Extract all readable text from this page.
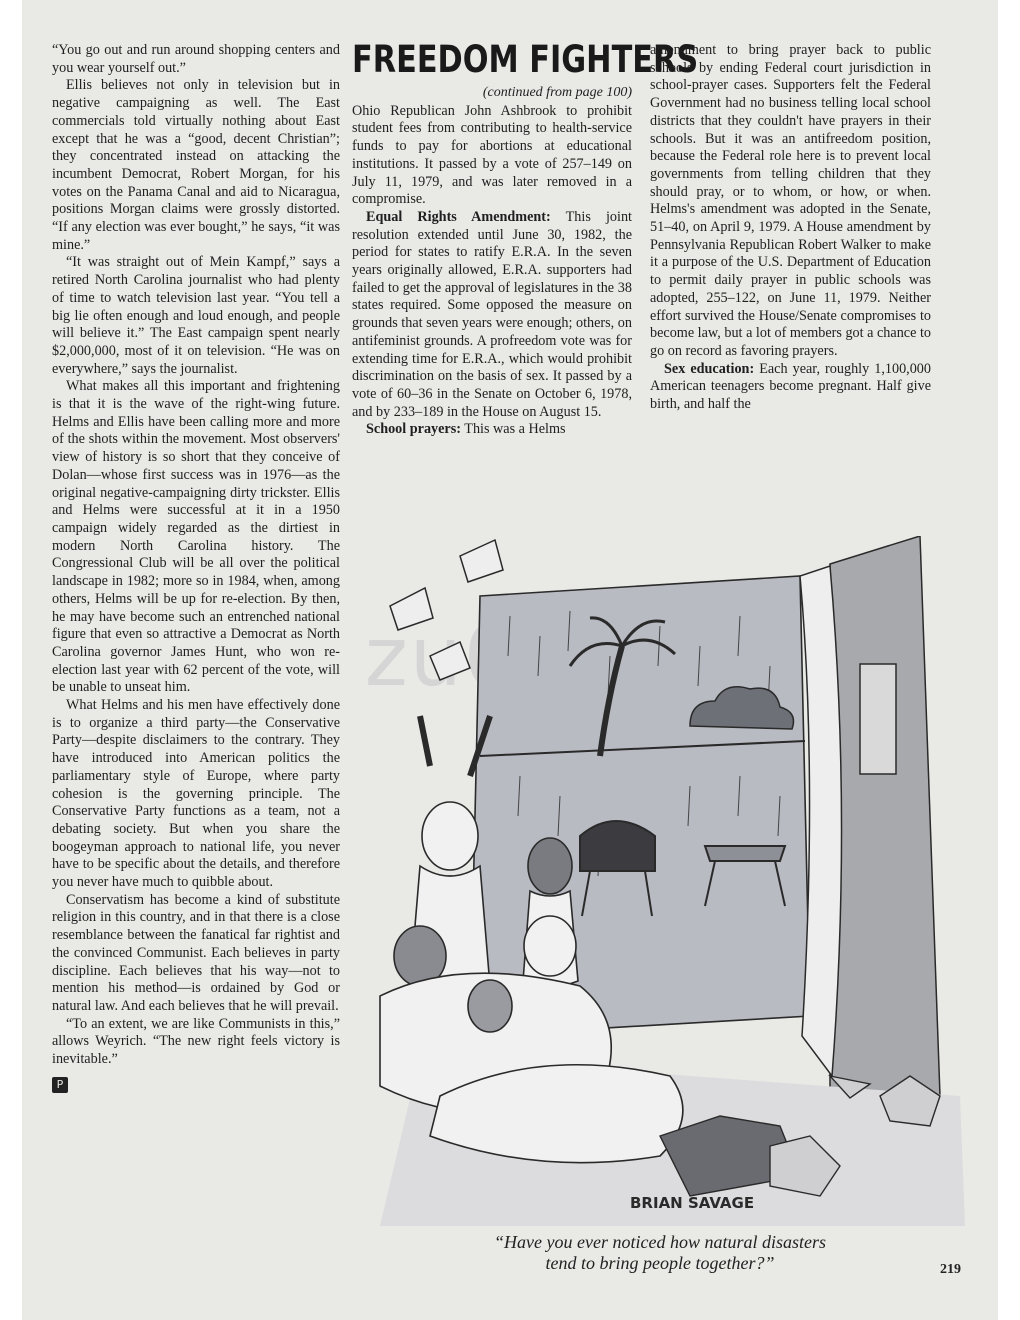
“You go out and run around shopping centers and you wear yourself out.”

Ellis believes not only in television but in negative campaigning as well. The East commercials told virtually nothing about East except that he was a “good, decent Christian”; they concentrated instead on attacking the incumbent Democrat, Robert Morgan, for his votes on the Panama Canal and aid to Nicaragua, positions Morgan claims were grossly distorted. “If any election was ever bought,” he says, “it was mine.”

“It was straight out of Mein Kampf,” says a retired North Carolina journalist who had plenty of time to watch television last year. “You tell a big lie often enough and loud enough, and people will believe it.” The East campaign spent nearly $2,000,000, most of it on television. “He was on everywhere,” says the journalist.

What makes all this important and frightening is that it is the wave of the right-wing future. Helms and Ellis have been calling more and more of the shots within the movement. Most observers' view of history is so short that they conceive of Dolan—whose first success was in 1976—as the original negative-campaigning dirty trickster. Ellis and Helms were successful at it in a 1950 campaign widely regarded as the dirtiest in modern North Carolina history. The Congressional Club will be all over the political landscape in 1982; more so in 1984, when, among others, Helms will be up for re-election. By then, he may have become such an entrenched national figure that even so attractive a Democrat as North Carolina governor James Hunt, who won re-election last year with 62 percent of the vote, will be unable to unseat him.

What Helms and his men have effectively done is to organize a third party—the Conservative Party—despite disclaimers to the contrary. They have introduced into American politics the parliamentary style of Europe, where party cohesion is the governing principle. The Conservative Party functions as a team, not a debating society. But when you share the boogeyman approach to national life, you never have to be specific about the details, and therefore you never have much to quibble about.

Conservatism has become a kind of substitute religion in this country, and in that there is a close resemblance between the fanatical far rightist and the convinced Communist. Each believes in party discipline. Each believes that his way—not to mention his method—is ordained by God or natural law. And each believes that he will prevail.

“To an extent, we are like Communists in this,” allows Weyrich. “The new right feels victory is inevitable.”

P
FREEDOM FIGHTERS
(continued from page 100)

Ohio Republican John Ashbrook to prohibit student fees from contributing to health-service funds to pay for abortions at educational institutions. It passed by a vote of 257–149 on July 11, 1979, and was later removed in a compromise.

Equal Rights Amendment: This joint resolution extended until June 30, 1982, the period for states to ratify E.R.A. In the seven years originally allowed, E.R.A. supporters had failed to get the approval of legislatures in the 38 states required. Some opposed the measure on grounds that seven years were enough; others, on antifeminist grounds. A profreedom vote was for extending time for E.R.A., which would prohibit discrimination on the basis of sex. It passed by a vote of 60–36 in the Senate on October 6, 1978, and by 233–189 in the House on August 15.

School prayers: This was a Helms

amendment to bring prayer back to public schools by ending Federal court jurisdiction in school-prayer cases. Supporters felt the Federal Government had no business telling local school districts that they couldn't have prayers in their schools. But it was an antifreedom position, because the Federal role here is to prevent local governments from telling children that they should pray, or to whom, or how, or when. Helms's amendment was adopted in the Senate, 51–40, on April 9, 1979. A House amendment by Pennsylvania Republican Robert Walker to make it a purpose of the U.S. Department of Education to permit daily prayer in public schools was adopted, 255–122, on June 11, 1979. Neither effort survived the House/Senate compromises to become law, but a lot of members got a chance to go on record as favoring prayers.

Sex education: Each year, roughly 1,100,000 American teenagers become pregnant. Half give birth, and half the

BRIAN SAVAGE
“Have you ever noticed how natural disasters
tend to bring people together?”	219
